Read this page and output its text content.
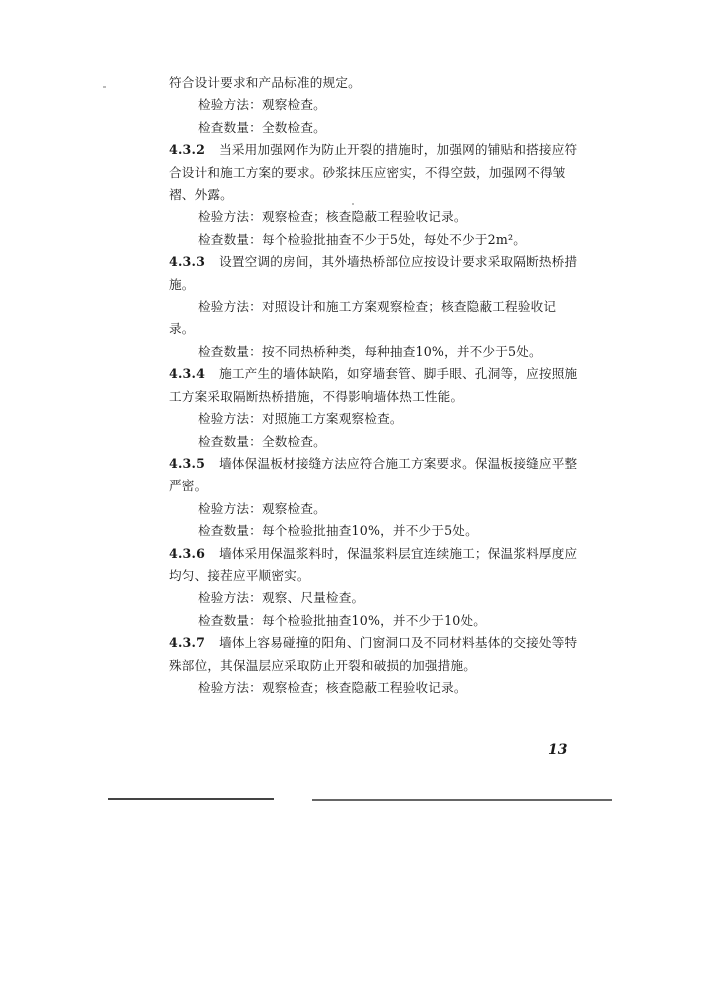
符合设计要求和产品标准的规定。

检验方法：观察检查。

检查数量：全数检查。

4.3.2 当采用加强网作为防止开裂的措施时，加强网的铺贴和搭接应符合设计和施工方案的要求。砂浆抹压应密实，不得空鼓，加强网不得皱褶、外露。

检验方法：观察检查；核查隐蔽工程验收记录。

检查数量：每个检验批抽查不少于5处，每处不少于2m²。

4.3.3 设置空调的房间，其外墙热桥部位应按设计要求采取隔断热桥措施。

检验方法：对照设计和施工方案观察检查；核查隐蔽工程验收记录。

检查数量：按不同热桥种类，每种抽查10%，并不少于5处。

4.3.4 施工产生的墙体缺陷，如穿墙套管、脚手眼、孔洞等，应按照施工方案采取隔断热桥措施，不得影响墙体热工性能。

检验方法：对照施工方案观察检查。

检查数量：全数检查。

4.3.5 墙体保温板材接缝方法应符合施工方案要求。保温板接缝应平整严密。

检验方法：观察检查。

检查数量：每个检验批抽查10%，并不少于5处。

4.3.6 墙体采用保温浆料时，保温浆料层宜连续施工；保温浆料厚度应均匀、接茬应平顺密实。

检验方法：观察、尺量检查。

检查数量：每个检验批抽查10%，并不少于10处。

4.3.7 墙体上容易碰撞的阳角、门窗洞口及不同材料基体的交接处等特殊部位，其保温层应采取防止开裂和破损的加强措施。

检验方法：观察检查；核查隐蔽工程验收记录。

13
